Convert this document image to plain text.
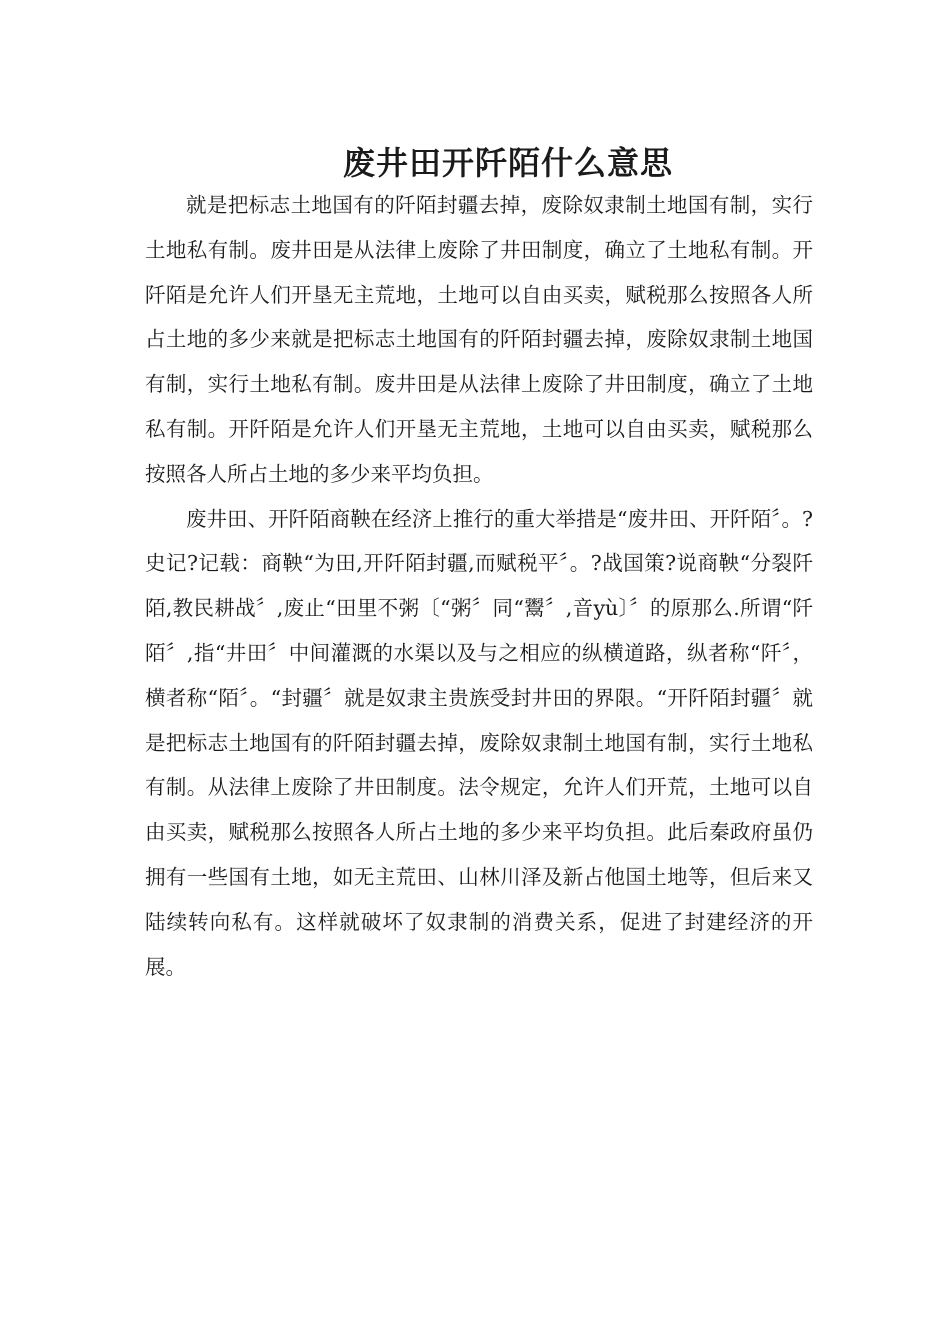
废井田开阡陌什么意思

就是把标志土地国有的阡陌封疆去掉，废除奴隶制土地国有制，实行土地私有制。废井田是从法律上废除了井田制度，确立了土地私有制。开阡陌是允许人们开垦无主荒地，土地可以自由买卖，赋税那么按照各人所占土地的多少来就是把标志土地国有的阡陌封疆去掉，废除奴隶制土地国有制，实行土地私有制。废井田是从法律上废除了井田制度，确立了土地私有制。开阡陌是允许人们开垦无主荒地，土地可以自由买卖，赋税那么按照各人所占土地的多少来平均负担。

废井田、开阡陌商鞅在经济上推行的重大举措是“废井田、开阡陌〞。?史记?记载：商鞅“为田,开阡陌封疆,而赋税平〞。?战国策?说商鞅“分裂阡陌,教民耕战〞,废止“田里不粥〔“粥〞同“鬻〞,音yù〕〞的原那么.所谓“阡陌〞,指“井田〞中间灌溉的水渠以及与之相应的纵横道路，纵者称“阡〞，横者称“陌〞。“封疆〞就是奴隶主贵族受封井田的界限。“开阡陌封疆〞就是把标志土地国有的阡陌封疆去掉，废除奴隶制土地国有制，实行土地私有制。从法律上废除了井田制度。法令规定，允许人们开荒，土地可以自由买卖，赋税那么按照各人所占土地的多少来平均负担。此后秦政府虽仍拥有一些国有土地，如无主荒田、山林川泽及新占他国土地等，但后来又陆续转向私有。这样就破坏了奴隶制的消费关系，促进了封建经济的开展。
